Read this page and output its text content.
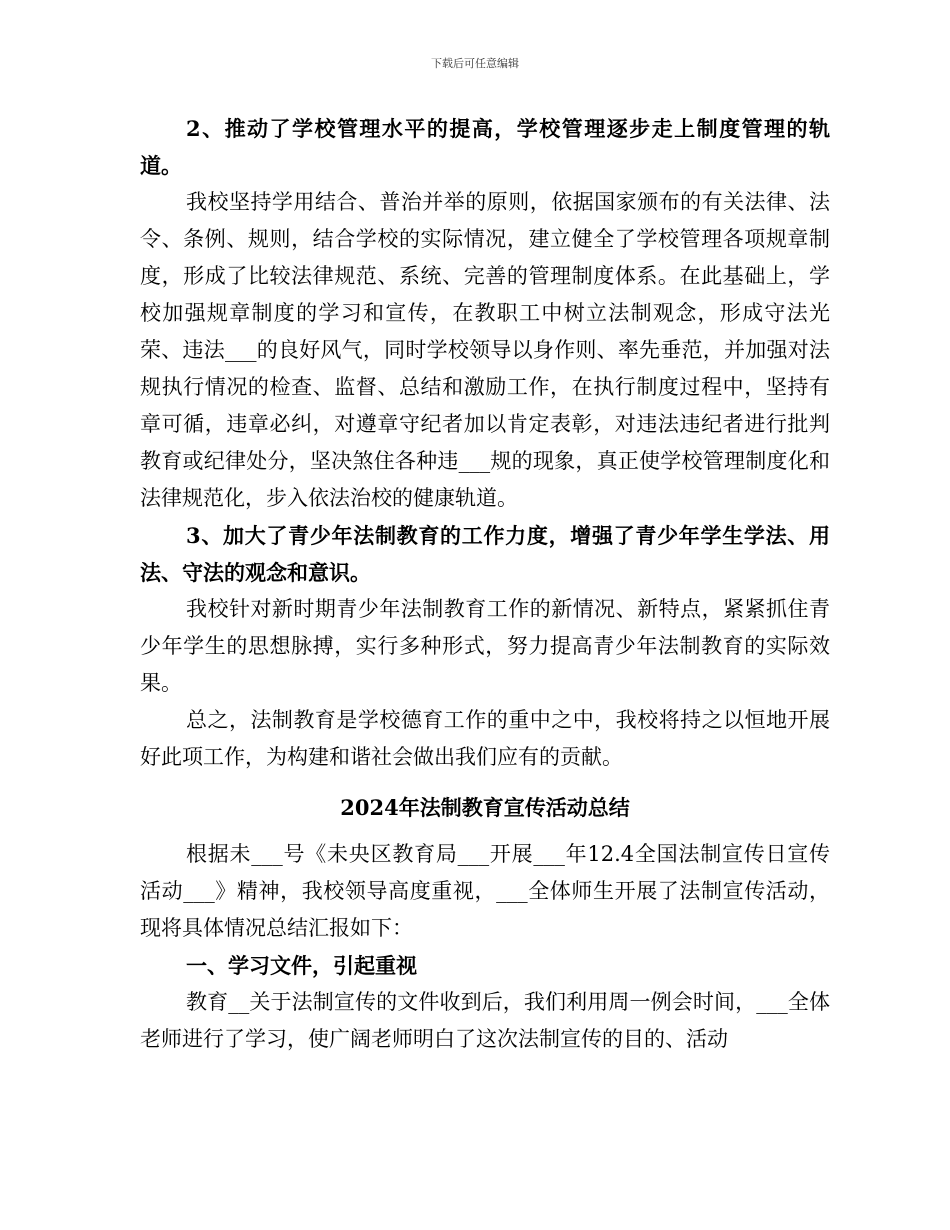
下载后可任意编辑

2、推动了学校管理水平的提高，学校管理逐步走上制度管理的轨道。

我校坚持学用结合、普治并举的原则，依据国家颁布的有关法律、法令、条例、规则，结合学校的实际情况，建立健全了学校管理各项规章制度，形成了比较法律规范、系统、完善的管理制度体系。在此基础上，学校加强规章制度的学习和宣传，在教职工中树立法制观念，形成守法光荣、违法___的良好风气，同时学校领导以身作则、率先垂范，并加强对法规执行情况的检查、监督、总结和激励工作，在执行制度过程中，坚持有章可循，违章必纠，对遵章守纪者加以肯定表彰，对违法违纪者进行批判教育或纪律处分，坚决煞住各种违___规的现象，真正使学校管理制度化和法律规范化，步入依法治校的健康轨道。

3、加大了青少年法制教育的工作力度，增强了青少年学生学法、用法、守法的观念和意识。

我校针对新时期青少年法制教育工作的新情况、新特点，紧紧抓住青少年学生的思想脉搏，实行多种形式，努力提高青少年法制教育的实际效果。

总之，法制教育是学校德育工作的重中之中，我校将持之以恒地开展好此项工作，为构建和谐社会做出我们应有的贡献。

2024年法制教育宣传活动总结

根据未___号《未央区教育局___开展___年12.4全国法制宣传日宣传活动___》精神，我校领导高度重视，___全体师生开展了法制宣传活动，现将具体情况总结汇报如下：

一、学习文件，引起重视

教育__关于法制宣传的文件收到后，我们利用周一例会时间，___全体老师进行了学习，使广阔老师明白了这次法制宣传的目的、活动
